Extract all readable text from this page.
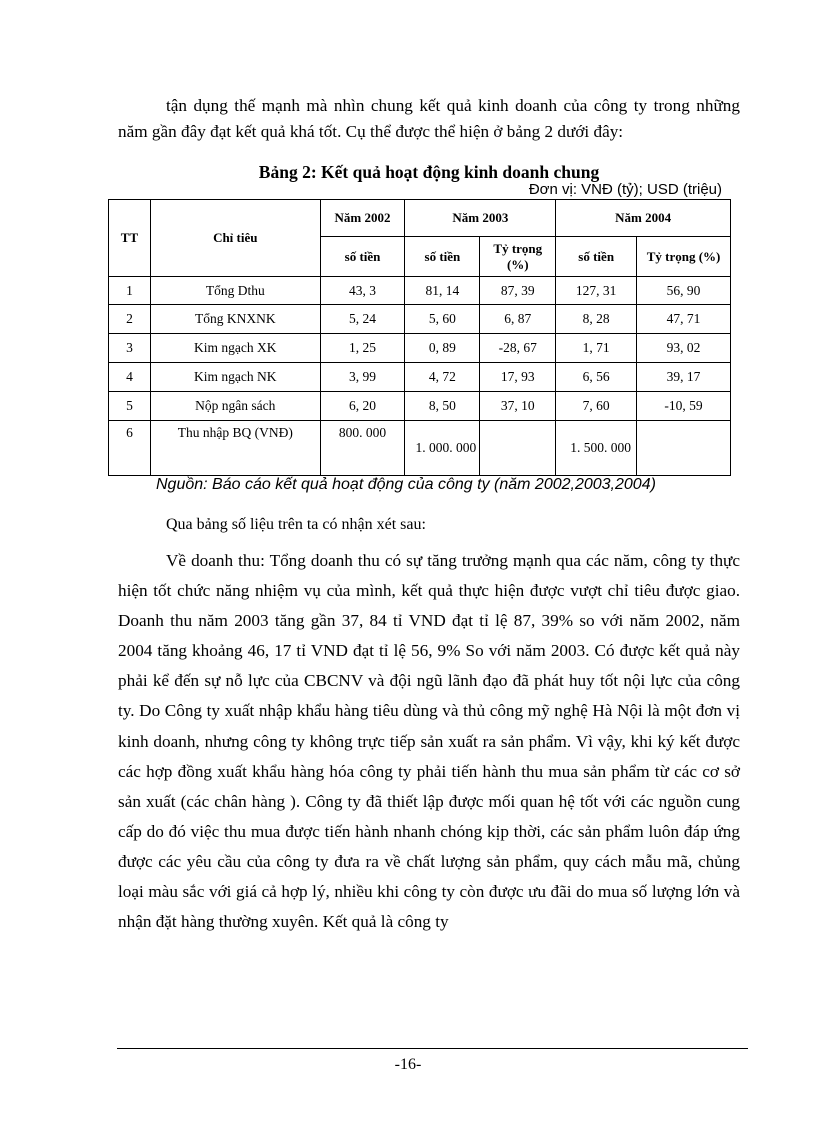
tận dụng thế mạnh mà nhìn chung kết quả kinh doanh của công ty trong những năm gần đây đạt kết quả khá tốt. Cụ thể được thể hiện ở bảng 2 dưới đây:

Bảng 2: Kết quả hoạt động kinh doanh chung
Đơn vị: VNĐ (tỷ); USD (triệu)
TT	Chỉ tiêu	Năm 2002	Năm 2003		Năm 2004	
		số tiền	số tiền	Tỷ trọng (%)	số tiền	Tỷ trọng (%)
1	Tổng Dthu	43, 3	81, 14	87, 39	127, 31	56, 90
2	Tổng KNXNK	5, 24	5, 60	6, 87	8, 28	47, 71
3	Kim ngạch XK	1, 25	0, 89	-28, 67	1, 71	93, 02
4	Kim ngạch NK	3, 99	4, 72	17, 93	6, 56	39, 17
5	Nộp ngân sách	6, 20	8, 50	37, 10	7, 60	-10, 59
6	Thu nhập BQ (VNĐ)	800. 000	1. 000. 000		1. 500. 000	
Nguồn: Báo cáo kết quả hoạt động của công ty (năm 2002,2003,2004)

Qua bảng số liệu trên ta có nhận xét sau:

Về doanh thu: Tổng doanh thu có sự tăng trưởng mạnh qua các năm, công ty thực hiện tốt chức năng nhiệm vụ của mình, kết quả thực hiện được vượt chỉ tiêu được giao. Doanh thu năm 2003 tăng gần 37, 84 tỉ VND đạt tỉ lệ 87, 39% so với năm 2002, năm 2004 tăng khoảng 46, 17 tỉ VND đạt tỉ lệ 56, 9% So với năm 2003. Có được kết quả này phải kể đến sự nỗ lực của CBCNV và đội ngũ lãnh đạo đã phát huy tốt nội lực của công ty. Do Công ty xuất nhập khẩu hàng tiêu dùng và thủ công mỹ nghệ Hà Nội là một đơn vị kinh doanh, nhưng công ty không trực tiếp sản xuất ra sản phẩm. Vì vậy, khi ký kết được các hợp đồng xuất khẩu hàng hóa công ty phải tiến hành thu mua sản phẩm từ các cơ sở sản xuất (các chân hàng ). Công ty đã thiết lập được mối quan hệ tốt với các nguồn cung cấp do đó việc thu mua được tiến hành nhanh chóng kịp thời, các sản phẩm luôn đáp ứng được các yêu cầu của công ty đưa ra về chất lượng sản phẩm, quy cách mẫu mã, chủng loại màu sắc với giá cả hợp lý, nhiều khi công ty còn được ưu đãi do mua số lượng lớn và nhận đặt hàng thường xuyên. Kết quả là công ty

-16-
